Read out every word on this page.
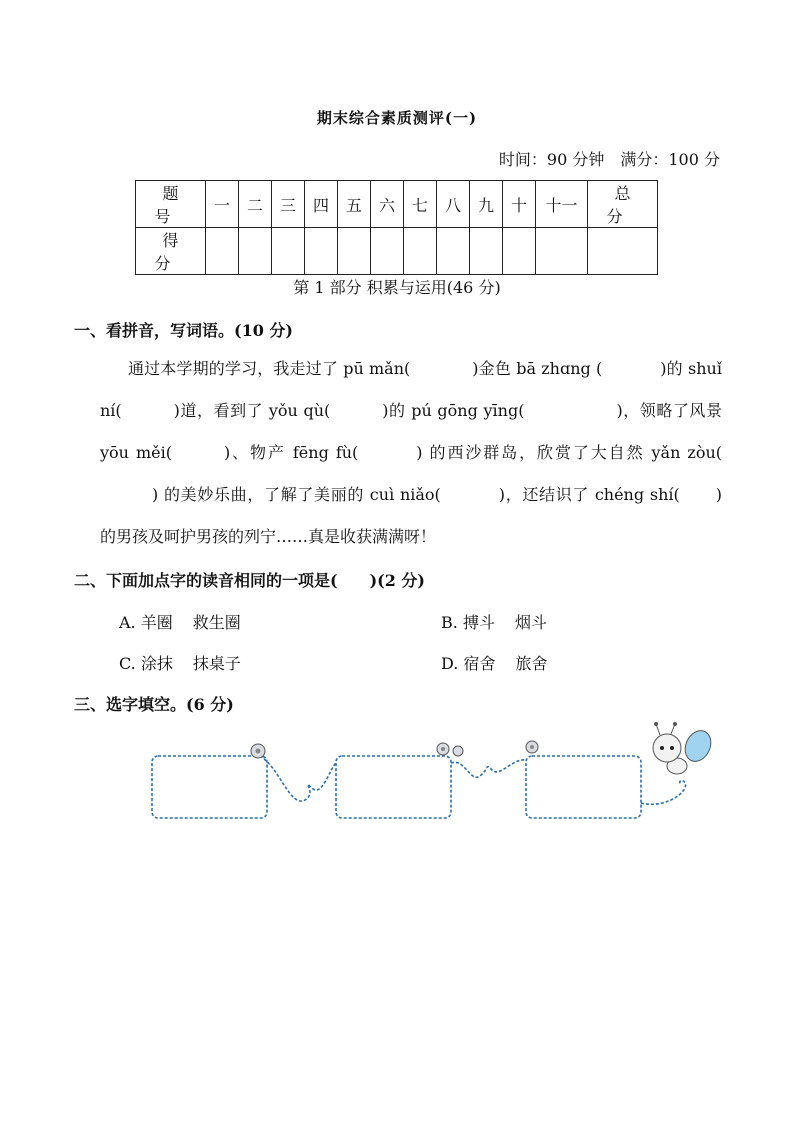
期末综合素质测评(一)
时间：90 分钟　满分：100 分
题号	一	二	三	四	五	六	七	八	九	十	十一	总分
得分												
第 1 部分 积累与运用(46 分)
一、看拼音，写词语。(10 分)
通过本学期的学习，我走过了 pū mǎn(	)金色 bā zhɑng (	)的 shuǐ ní(	)道，看到了 yǒu qù(	)的 pú gōng yīng(	)，领略了风景 yōu měi(	)、物产 fēng fù(	) 的西沙群岛，欣赏了大自然 yǎn zòu() 的美妙乐曲，了解了美丽的 cuì niǎo(	)，还结识了 chéng shí( )的男孩及呵护男孩的列宁……真是收获满满呀！
二、下面加点字的读音相同的一项是(　　)(2 分)
A. 羊圈 救生圈	B. 搏斗 烟斗
C. 涂抹 抹桌子	D. 宿舍 旅舍
三、选字填空。(6 分)
